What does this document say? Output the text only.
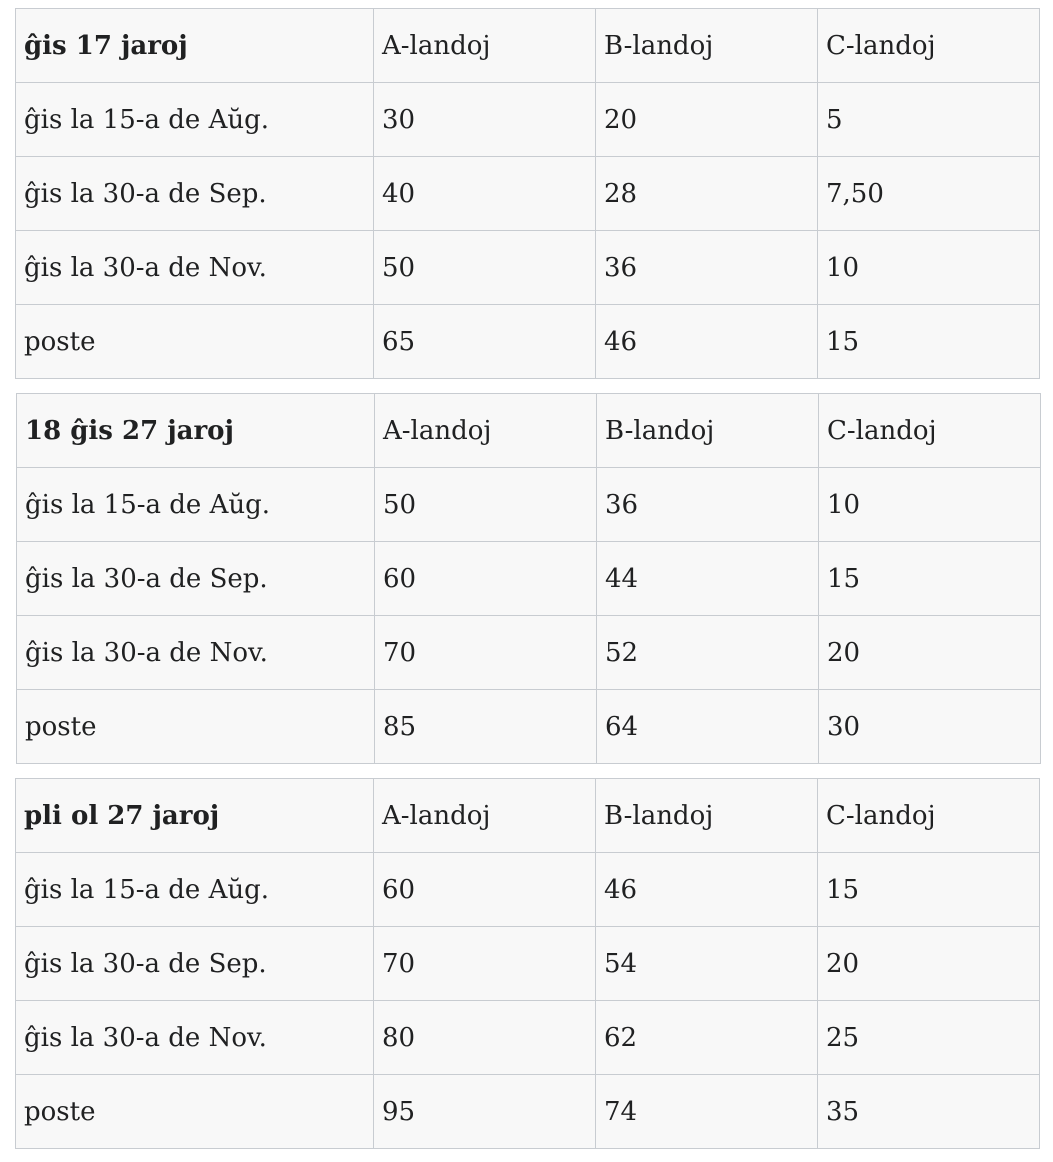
ĝis 17 jaroj	A-landoj	B-landoj	C-landoj
ĝis la 15-a de Aŭg.	30	20	5
ĝis la 30-a de Sep.	40	28	7,50
ĝis la 30-a de Nov.	50	36	10
poste	65	46	15
18 ĝis 27 jaroj	A-landoj	B-landoj	C-landoj
ĝis la 15-a de Aŭg.	50	36	10
ĝis la 30-a de Sep.	60	44	15
ĝis la 30-a de Nov.	70	52	20
poste	85	64	30
pli ol 27 jaroj	A-landoj	B-landoj	C-landoj
ĝis la 15-a de Aŭg.	60	46	15
ĝis la 30-a de Sep.	70	54	20
ĝis la 30-a de Nov.	80	62	25
poste	95	74	35
